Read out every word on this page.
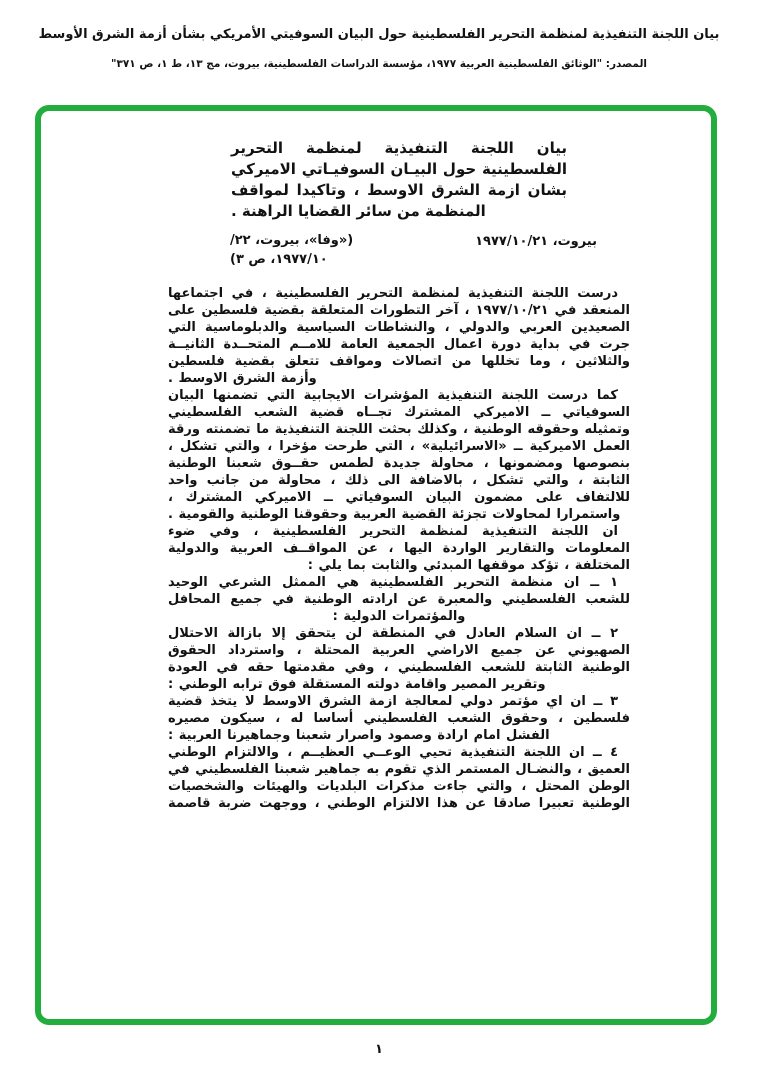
بيان اللجنة التنفيذية لمنظمة التحرير الفلسطينية حول البيان السوفيتي الأمريكي بشأن أزمة الشرق الأوسط
المصدر: "الوثائق الفلسطينية العربية ١٩٧٧، مؤسسة الدراسات الفلسطينية، بيروت، مج ١٣، ط ١، ص ٣٧١"
بيان اللجنة التنفيذية لمنظمة التحرير الفلسطينية حول البيـان السوفيـاتي الاميركي بشان ازمة الشرق الاوسط ، وتاكيدا لمواقف المنظمة من سائر القضايا الراهنة .
بيروت، ١٩٧٧/١٠/٢١
(«وفا»، بيروت، ٢٢/
١٩٧٧/١٠، ص ٣)

درست اللجنة التنفيذية لمنظمة التحرير الفلسطينية ، في اجتماعها المنعقد في ١٩٧٧/١٠/٢١ ، آخر التطورات المتعلقة بقضية فلسطين على الصعيدين العربي والدولي ، والنشاطات السياسية والدبلوماسية التي جرت في بداية دورة اعمال الجمعية العامة للامــم المتحــدة الثانيــة والثلاثين ، وما تخللها من اتصالات ومواقف تتعلق بقضية فلسطين وأزمة الشرق الاوسط .

كما درست اللجنة التنفيذية المؤشرات الايجابية التي تضمنها البيان السوفياتي ــ الاميركي المشترك تجــاه قضية الشعب الفلسطيني وتمثيله وحقوقه الوطنية ، وكذلك بحثت اللجنة التنفيذية ما تضمنته ورقة العمل الاميركية ــ «الاسرائيلية» ، التي طرحت مؤخرا ، والتي تشكل ، بنصوصها ومضمونها ، محاولة جديدة لطمس حقــوق شعبنا الوطنية الثابتة ، والتي تشكل ، بالاضافة الى ذلك ، محاولة من جانب واحد للالتفاف على مضمون البيان السوفياتي ــ الاميركي المشترك ، واستمرارا لمحاولات تجزئة القضية العربية وحقوقنا الوطنية والقومية .

ان اللجنة التنفيذية لمنظمة التحرير الفلسطينية ، وفي ضوء المعلومات والتقارير الواردة اليها ، عن المواقــف العربية والدولية المختلفة ، تؤكد موقفها المبدئي والثابت بما يلي :

١ ــ ان منظمة التحرير الفلسطينية هي الممثل الشرعي الوحيد للشعب الفلسطيني والمعبرة عن ارادته الوطنية في جميع المحافل والمؤتمرات الدولية :

٢ ــ ان السلام العادل في المنطقة لن يتحقق إلا بازالة الاحتلال الصهيوني عن جميع الاراضي العربية المحتلة ، واسترداد الحقوق الوطنية الثابتة للشعب الفلسطيني ، وفي مقدمتها حقه في العودة وتقرير المصير واقامة دولته المستقلة فوق ترابه الوطني :

٣ ــ ان اي مؤتمر دولي لمعالجة ازمة الشرق الاوسط لا يتخذ قضية فلسطين ، وحقوق الشعب الفلسطيني أساسا له ، سيكون مصيره الفشل امام ارادة وصمود واصرار شعبنا وجماهيرنا العربية :

٤ ــ ان اللجنة التنفيذية تحيي الوعــي العظيــم ، والالتزام الوطني العميق ، والنضـال المستمر الذي تقوم به جماهير شعبنا الفلسطيني في الوطن المحتل ، والتي جاءت مذكرات البلديات والهيئات والشخصيات الوطنية تعبيرا صادقا عن هذا الالتزام الوطني ، ووجهت ضربة قاصمة

١
